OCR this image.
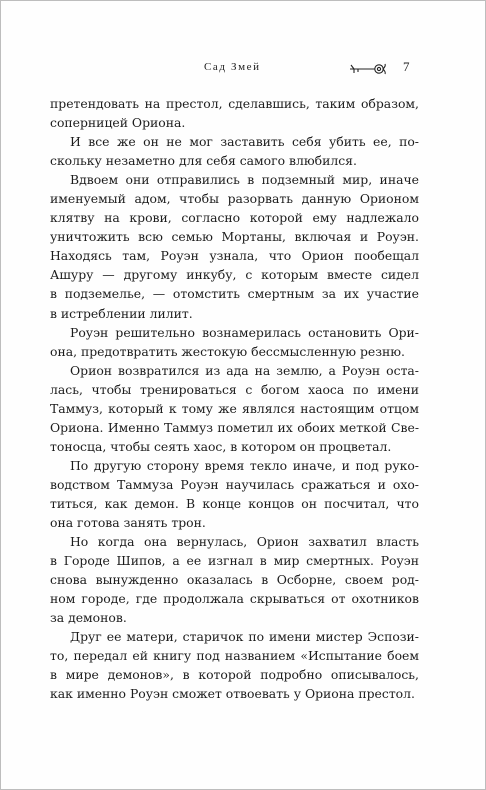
Сад Змей	7
претендовать на престол, сделавшись, таким образом,
соперницей Ориона.
И все же он не мог заставить себя убить ее, по-
скольку незаметно для себя самого влюбился.
Вдвоем они отправились в подземный мир, иначе
именуемый адом, чтобы разорвать данную Орионом
клятву на крови, согласно которой ему надлежало
уничтожить всю семью Мортаны, включая и Роуэн.
Находясь там, Роуэн узнала, что Орион пообещал
Ашуру — другому инкубу, с которым вместе сидел
в подземелье, — отомстить смертным за их участие
в истреблении лилит.
Роуэн решительно вознамерилась остановить Ори-
она, предотвратить жестокую бессмысленную резню.
Орион возвратился из ада на землю, а Роуэн оста-
лась, чтобы тренироваться с богом хаоса по имени
Таммуз, который к тому же являлся настоящим отцом
Ориона. Именно Таммуз пометил их обоих меткой Све-
тоносца, чтобы сеять хаос, в котором он процветал.
По другую сторону время текло иначе, и под руко-
водством Таммуза Роуэн научилась сражаться и охо-
титься, как демон. В конце концов он посчитал, что
она готова занять трон.
Но когда она вернулась, Орион захватил власть
в Городе Шипов, а ее изгнал в мир смертных. Роуэн
снова вынужденно оказалась в Осборне, своем род-
ном городе, где продолжала скрываться от охотников
за демонов.
Друг ее матери, старичок по имени мистер Эспози-
то, передал ей книгу под названием «Испытание боем
в мире демонов», в которой подробно описывалось,
как именно Роуэн сможет отвоевать у Ориона престол.
